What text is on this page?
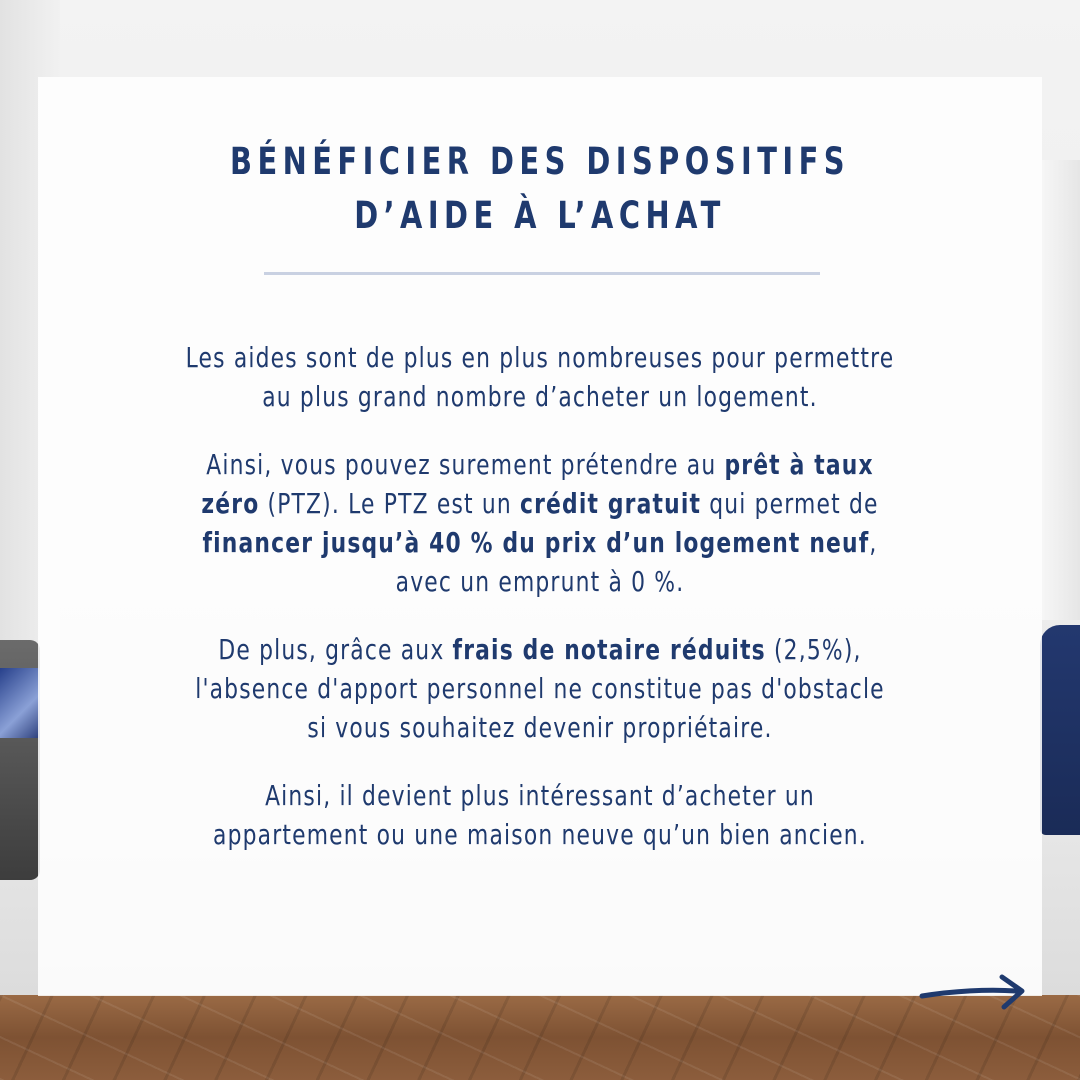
BÉNÉFICIER DES DISPOSITIFS
D’AIDE À L’ACHAT

Les aides sont de plus en plus nombreuses pour permettre
au plus grand nombre d’acheter un logement.

Ainsi, vous pouvez surement prétendre au prêt à taux
zéro (PTZ). Le PTZ est un crédit gratuit qui permet de
financer jusqu’à 40 % du prix d’un logement neuf,
avec un emprunt à 0 %.

De plus, grâce aux frais de notaire réduits (2,5%),
l'absence d'apport personnel ne constitue pas d'obstacle
si vous souhaitez devenir propriétaire.

Ainsi, il devient plus intéressant d’acheter un
appartement ou une maison neuve qu’un bien ancien.
